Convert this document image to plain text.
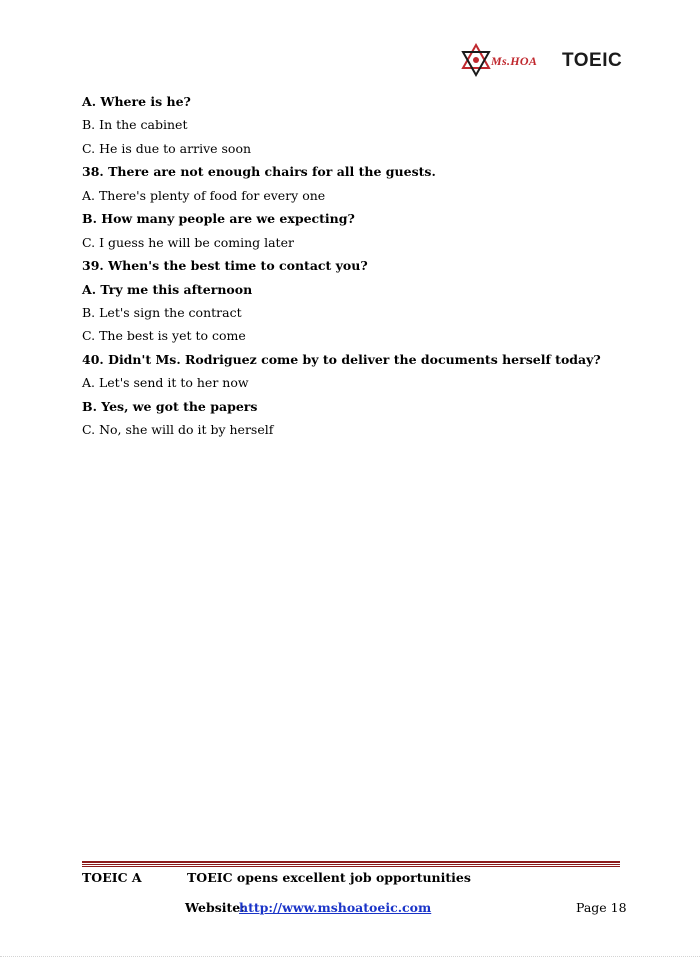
Ms.HOA TOEIC
A. Where is he?
B. In the cabinet
C. He is due to arrive soon
38. There are not enough chairs for all the guests.
A. There's plenty of food for every one
B. How many people are we expecting?
C. I guess he will be coming later
39. When's the best time to contact you?
A. Try me this afternoon
B. Let's sign the contract
C. The best is yet to come
40. Didn't Ms. Rodriguez come by to deliver the documents herself today?
A. Let's send it to her now
B. Yes, we got the papers
C. No, she will do it by herself
TOEIC A	TOEIC opens excellent job opportunities
Website:
http://www.mshoatoeic.com	Page 18
